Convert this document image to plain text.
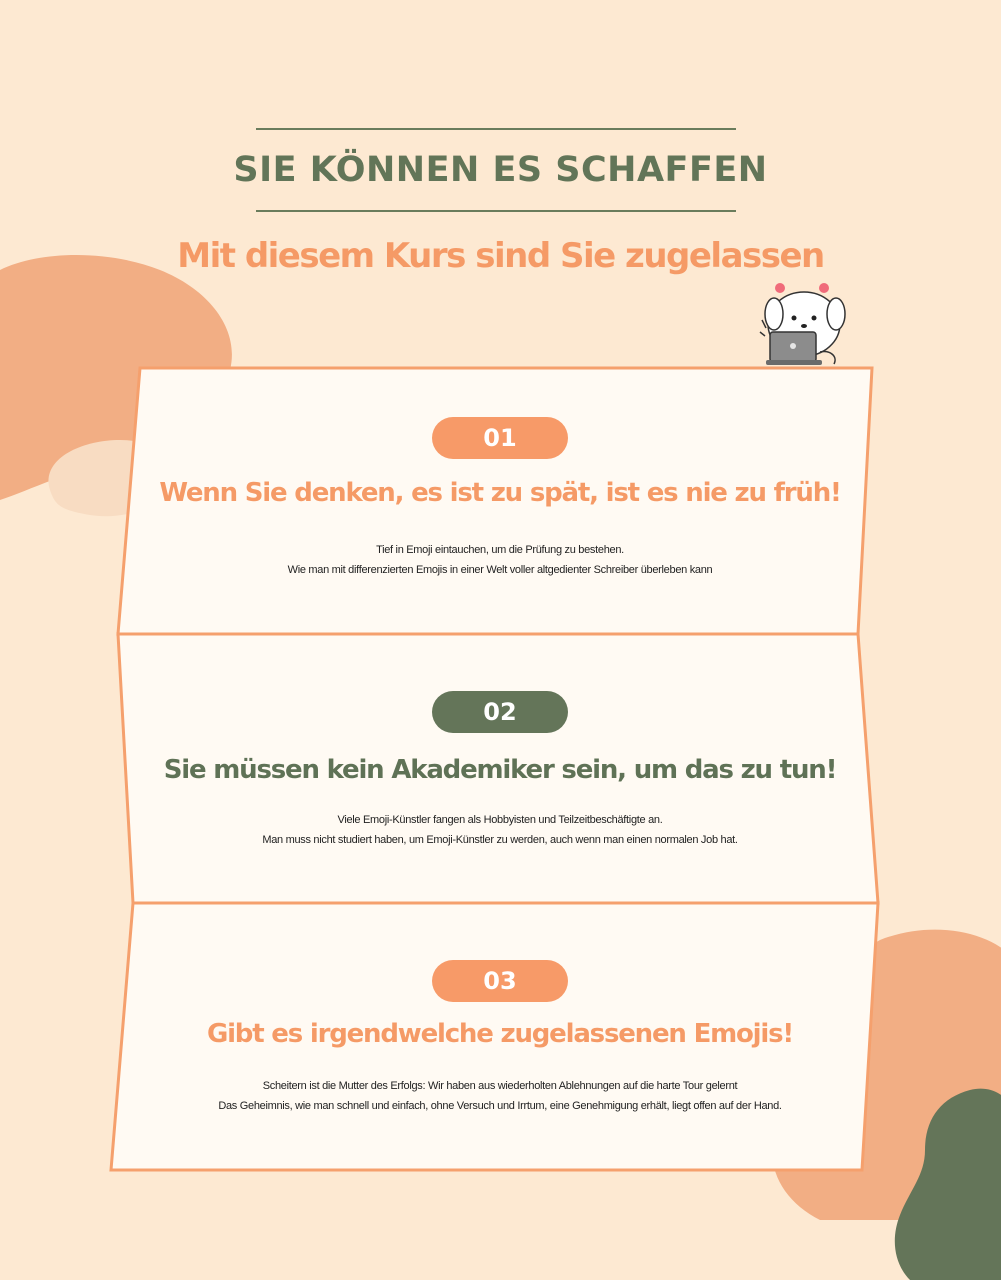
SIE KÖNNEN ES SCHAFFEN
Mit diesem Kurs sind Sie zugelassen
01
Wenn Sie denken, es ist zu spät, ist es nie zu früh!
Tief in Emoji eintauchen, um die Prüfung zu bestehen.
Wie man mit differenzierten Emojis in einer Welt voller altgedienter Schreiber überleben kann
02
Sie müssen kein Akademiker sein, um das zu tun!
Viele Emoji-Künstler fangen als Hobbyisten und Teilzeitbeschäftigte an.
Man muss nicht studiert haben, um Emoji-Künstler zu werden, auch wenn man einen normalen Job hat.
03
Gibt es irgendwelche zugelassenen Emojis!
Scheitern ist die Mutter des Erfolgs: Wir haben aus wiederholten Ablehnungen auf die harte Tour gelernt
Das Geheimnis, wie man schnell und einfach, ohne Versuch und Irrtum, eine Genehmigung erhält, liegt offen auf der Hand.
